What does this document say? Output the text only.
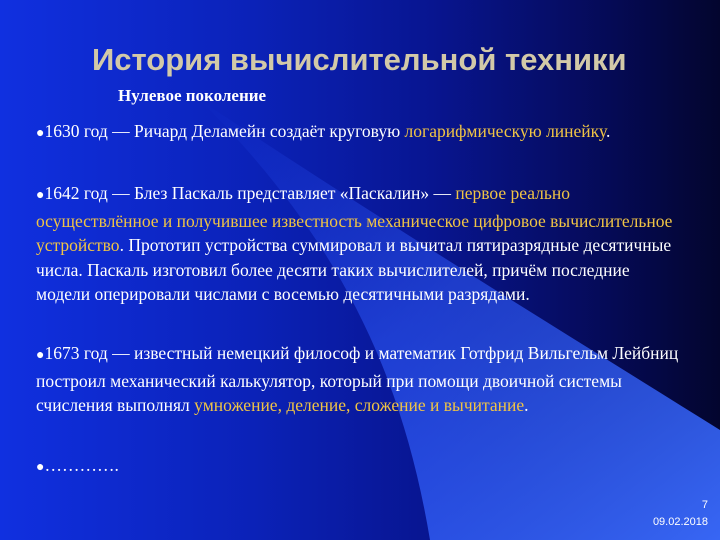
История вычислительной техники
Нулевое поколение
●1630 год — Ричард Деламейн создаёт круговую логарифмическую линейку.
●1642 год — Блез Паскаль представляет «Паскалин» — первое реально осуществлённое и получившее известность механическое цифровое вычислительное устройство. Прототип устройства суммировал и вычитал пятиразрядные десятичные числа. Паскаль изготовил более десяти таких вычислителей, причём последние модели оперировали числами с восемью десятичными разрядами.
●1673 год — известный немецкий философ и математик Готфрид Вильгельм Лейбниц построил механический калькулятор, который при помощи двоичной системы счисления выполнял умножение, деление, сложение и вычитание.
●………….
7
09.02.2018
